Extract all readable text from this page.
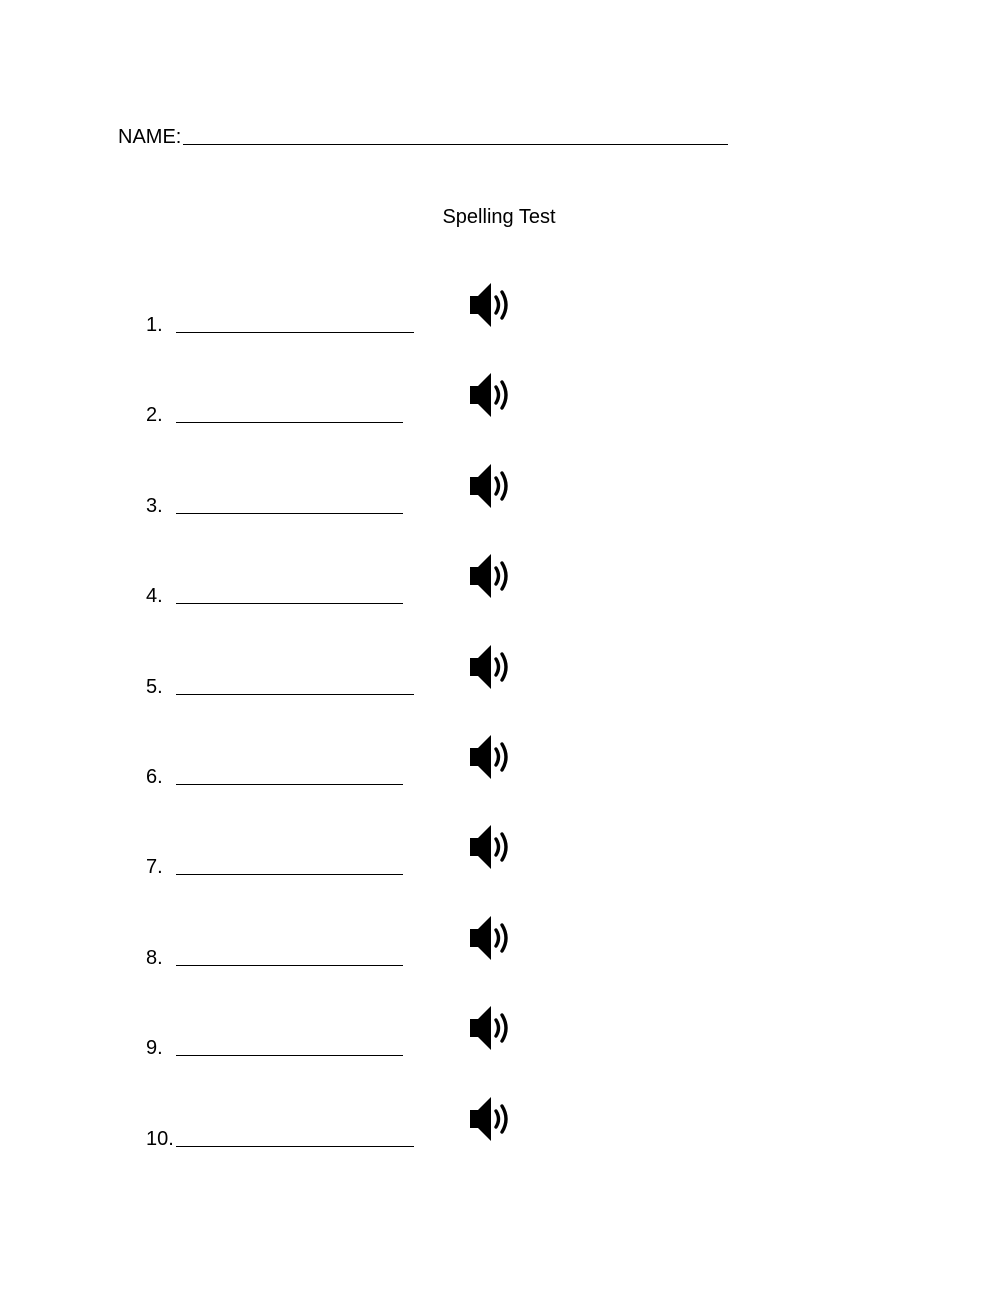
NAME:
Spelling Test
1.
2.
3.
4.
5.
6.
7.
8.
9.
10.
